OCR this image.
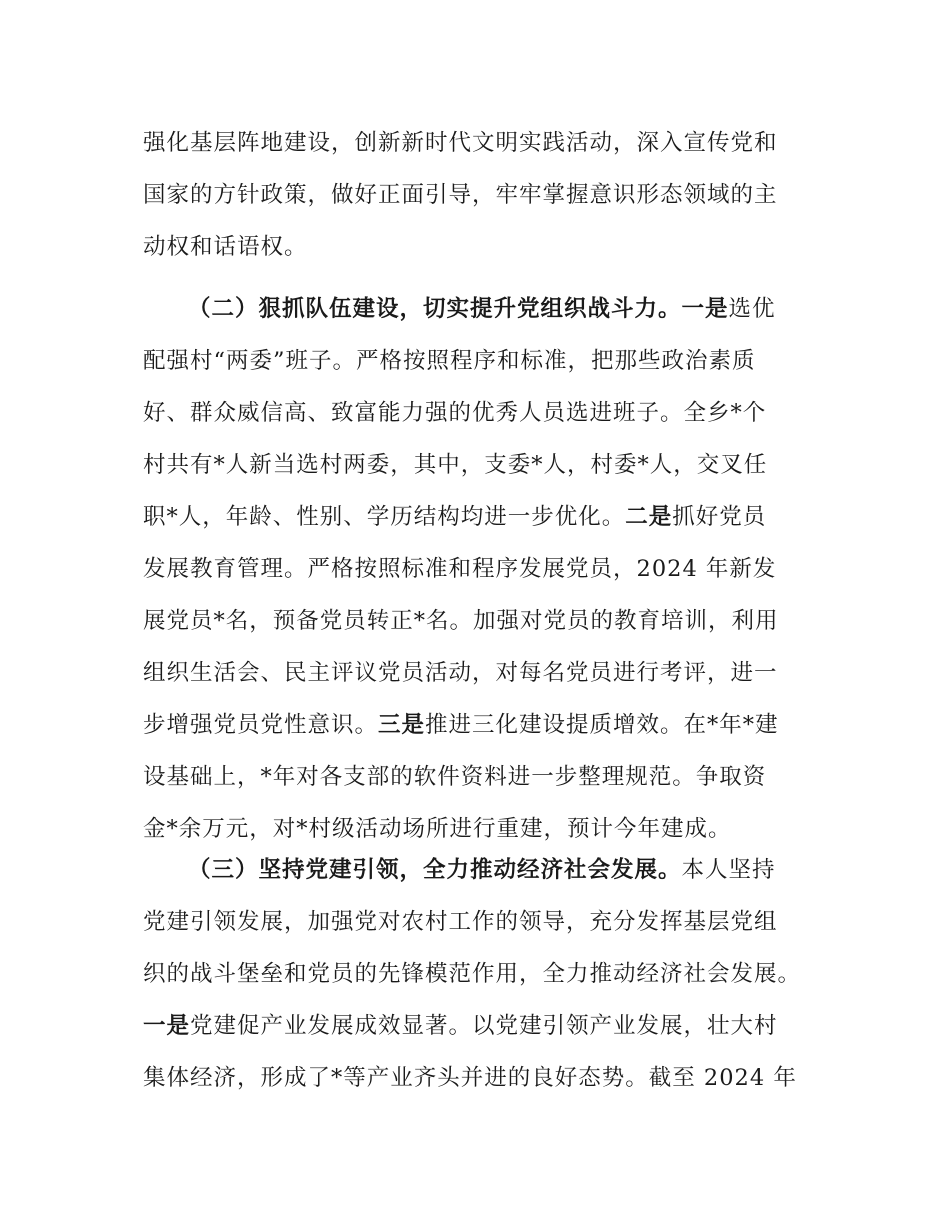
强化基层阵地建设，创新新时代文明实践活动，深入宣传党和
国家的方针政策，做好正面引导，牢牢掌握意识形态领域的主
动权和话语权。
（二）狠抓队伍建设，切实提升党组织战斗力。一是选优
配强村“两委”班子。严格按照程序和标准，把那些政治素质
好、群众威信高、致富能力强的优秀人员选进班子。全乡*个
村共有*人新当选村两委，其中，支委*人，村委*人，交叉任
职*人，年龄、性别、学历结构均进一步优化。二是抓好党员
发展教育管理。严格按照标准和程序发展党员，2024 年新发
展党员*名，预备党员转正*名。加强对党员的教育培训，利用
组织生活会、民主评议党员活动，对每名党员进行考评，进一
步增强党员党性意识。三是推进三化建设提质增效。在*年*建
设基础上，*年对各支部的软件资料进一步整理规范。争取资
金*余万元，对*村级活动场所进行重建，预计今年建成。
（三）坚持党建引领，全力推动经济社会发展。本人坚持
党建引领发展，加强党对农村工作的领导，充分发挥基层党组
织的战斗堡垒和党员的先锋模范作用，全力推动经济社会发展。
一是党建促产业发展成效显著。以党建引领产业发展，壮大村
集体经济，形成了*等产业齐头并进的良好态势。截至 2024 年
